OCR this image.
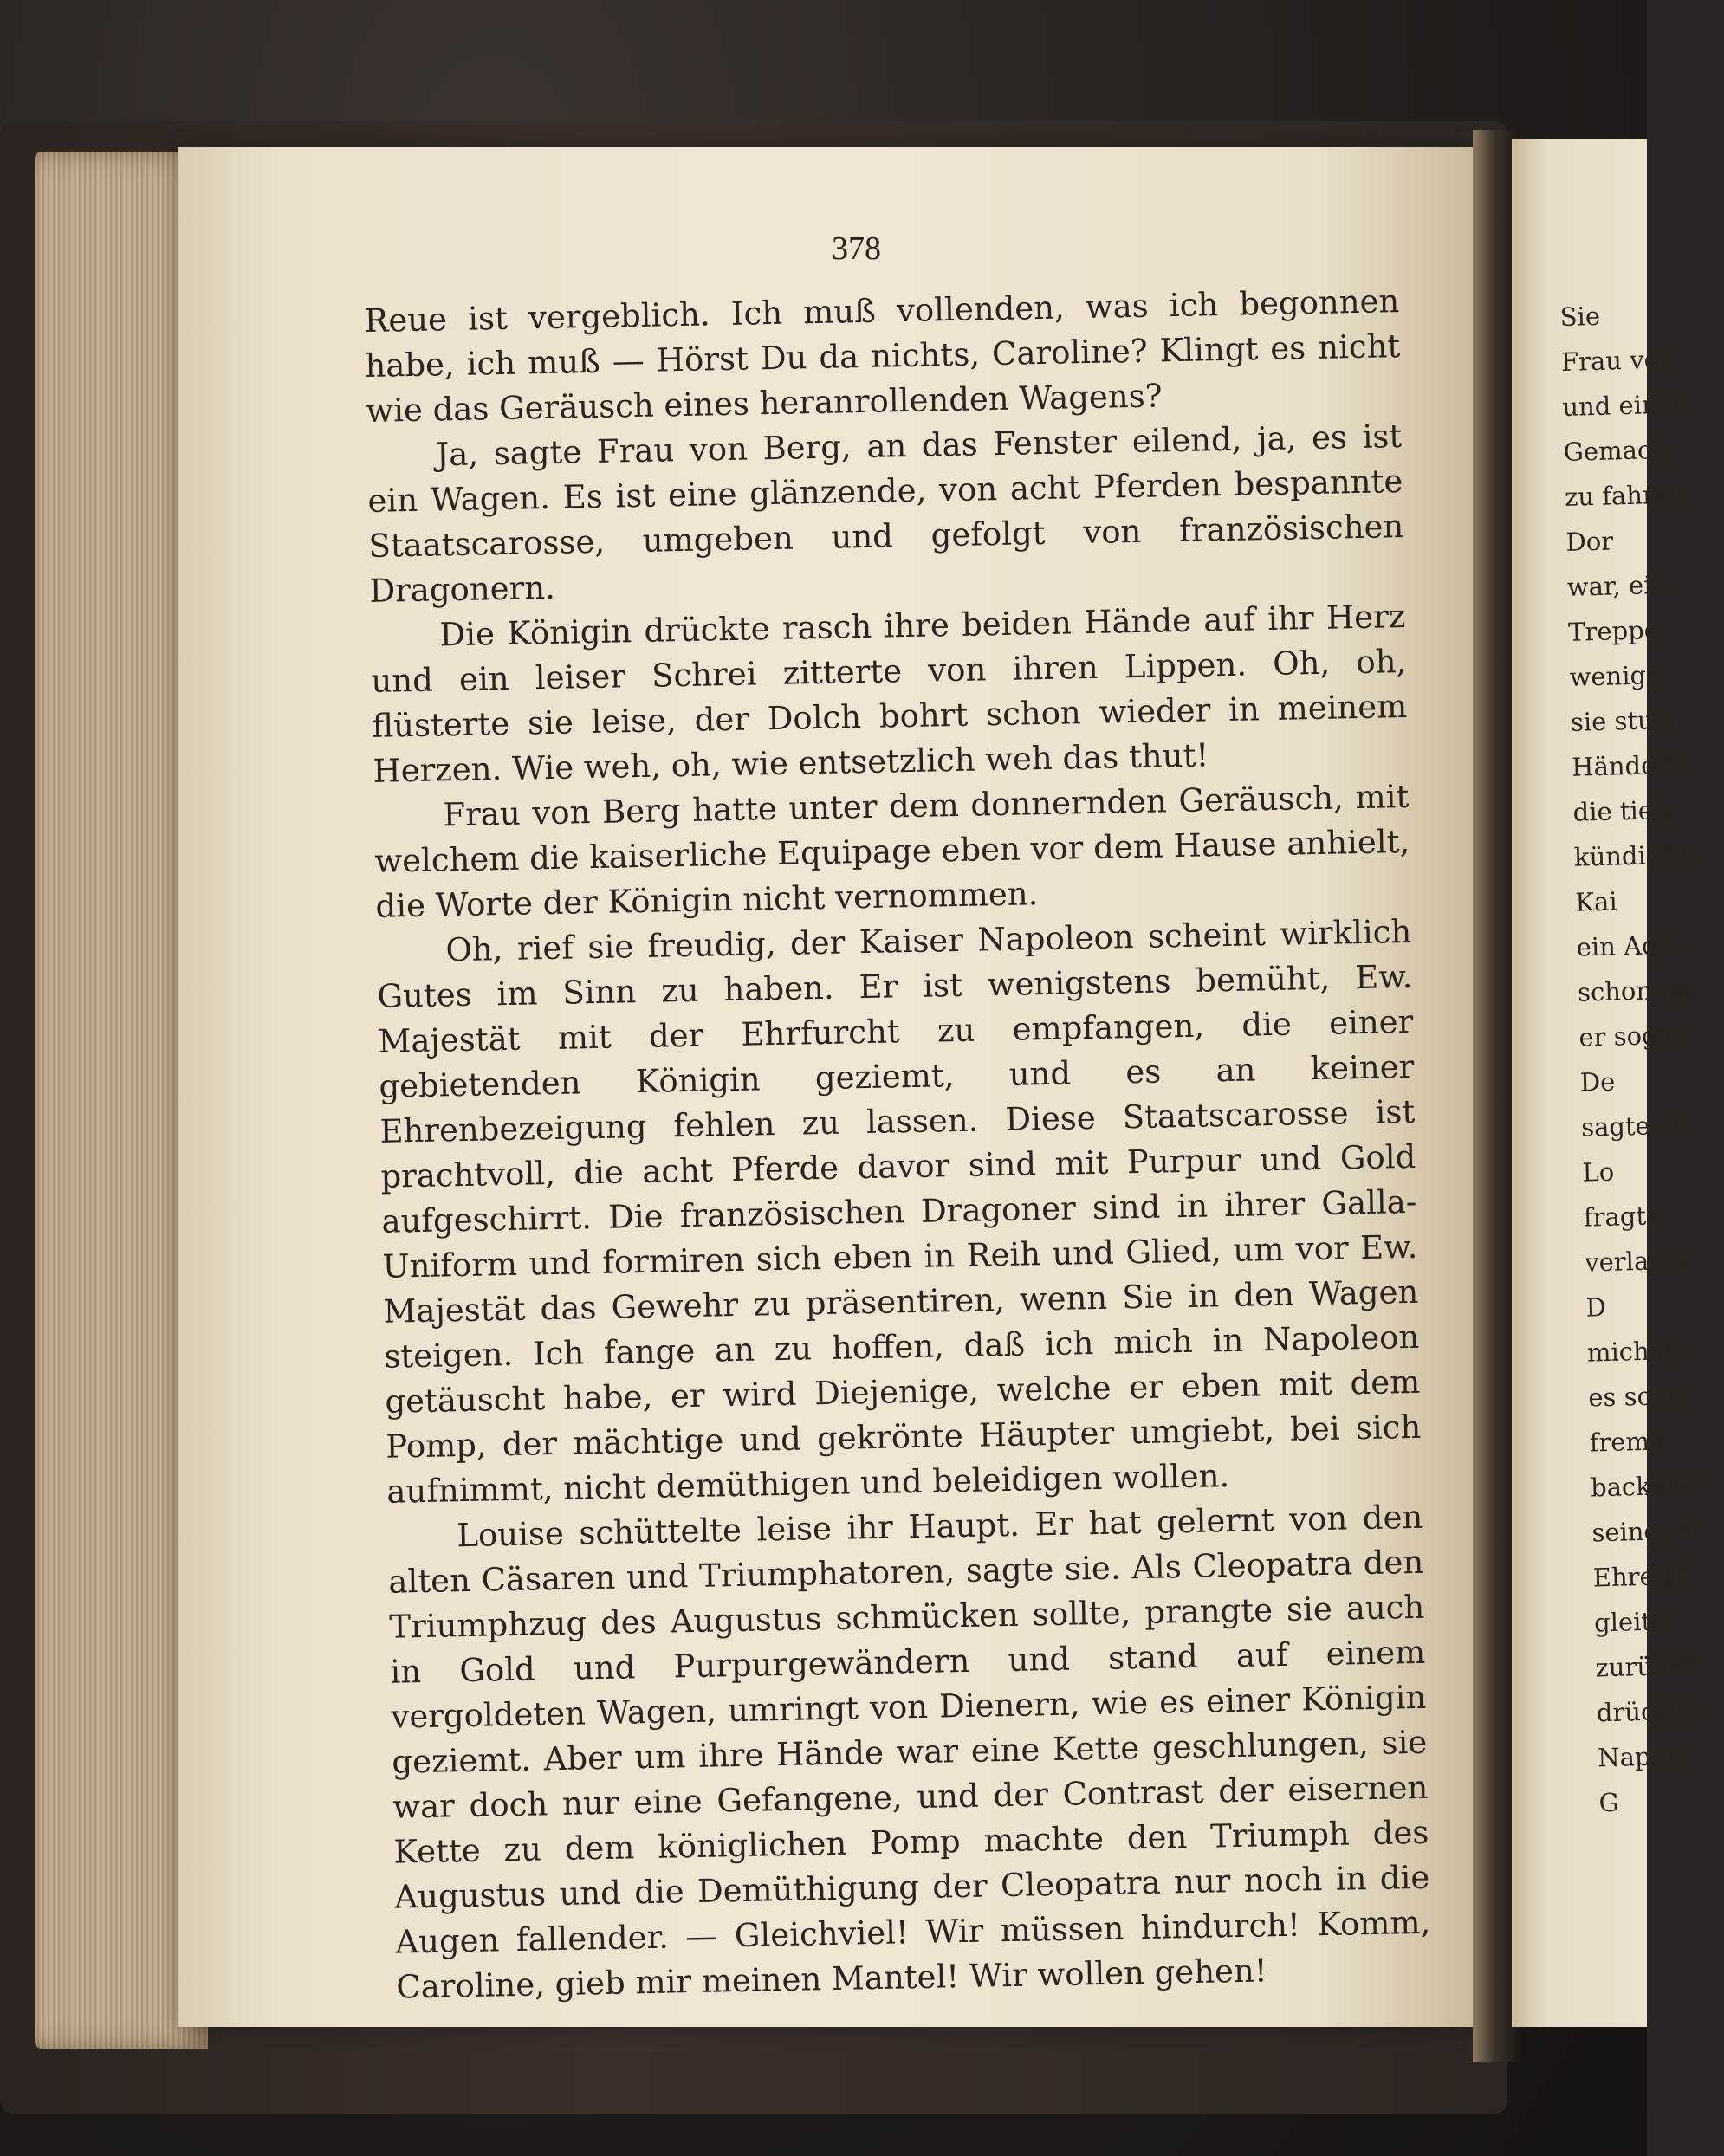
378

Reue ist vergeblich. Ich muß vollenden, was ich begonnen habe, ich muß — Hörst Du da nichts, Caroline? Klingt es nicht wie das Geräusch eines heranrollenden Wagens?

Ja, sagte Frau von Berg, an das Fenster eilend, ja, es ist ein Wagen. Es ist eine glänzende, von acht Pferden bespannte Staatscarosse, umgeben und gefolgt von französischen Dragonern.

Die Königin drückte rasch ihre beiden Hände auf ihr Herz und ein leiser Schrei zitterte von ihren Lippen. Oh, oh, flüsterte sie leise, der Dolch bohrt schon wieder in meinem Herzen. Wie weh, oh, wie entsetzlich weh das thut!

Frau von Berg hatte unter dem donnernden Geräusch, mit welchem die kaiserliche Equipage eben vor dem Hause anhielt, die Worte der Königin nicht vernommen.

Oh, rief sie freudig, der Kaiser Napoleon scheint wirklich Gutes im Sinn zu haben. Er ist wenigstens bemüht, Ew. Majestät mit der Ehrfurcht zu empfangen, die einer gebietenden Königin geziemt, und es an keiner Ehrenbezeigung fehlen zu lassen. Diese Staatscarosse ist prachtvoll, die acht Pferde davor sind mit Purpur und Gold aufgeschirrt. Die französischen Dragoner sind in ihrer Galla-Uniform und formiren sich eben in Reih und Glied, um vor Ew. Majestät das Gewehr zu präsentiren, wenn Sie in den Wagen steigen. Ich fange an zu hoffen, daß ich mich in Napoleon getäuscht habe, er wird Diejenige, welche er eben mit dem Pomp, der mächtige und gekrönte Häupter umgiebt, bei sich aufnimmt, nicht demüthigen und beleidigen wollen.

Louise schüttelte leise ihr Haupt. Er hat gelernt von den alten Cäsaren und Triumphatoren, sagte sie. Als Cleopatra den Triumphzug des Augustus schmücken sollte, prangte sie auch in Gold und Purpurgewändern und stand auf einem vergoldeten Wagen, umringt von Dienern, wie es einer Königin geziemt. Aber um ihre Hände war eine Kette geschlungen, sie war doch nur eine Gefangene, und der Contrast der eisernen Kette zu dem königlichen Pomp machte den Triumph des Augustus und die Demüthigung der Cleopatra nur noch in die Augen fallender. — Gleichviel! Wir müssen hindurch! Komm, Caroline, gieb mir meinen Mantel! Wir wollen gehen!

Sie
Frau vor
und einer
Gemach,
zu fahren
Dor
war, ein
Treppe
wenig;
sie stum
Händedr
die tiefe
kündigter
Kai
ein Adju
schon un
er soglei
De
sagte er
Lo
fragte
verlasse
D
mich di
es schei
fremd
backener
seinen P
Ehrend
gleiter
zurückbl
drücklich
Napole
G
